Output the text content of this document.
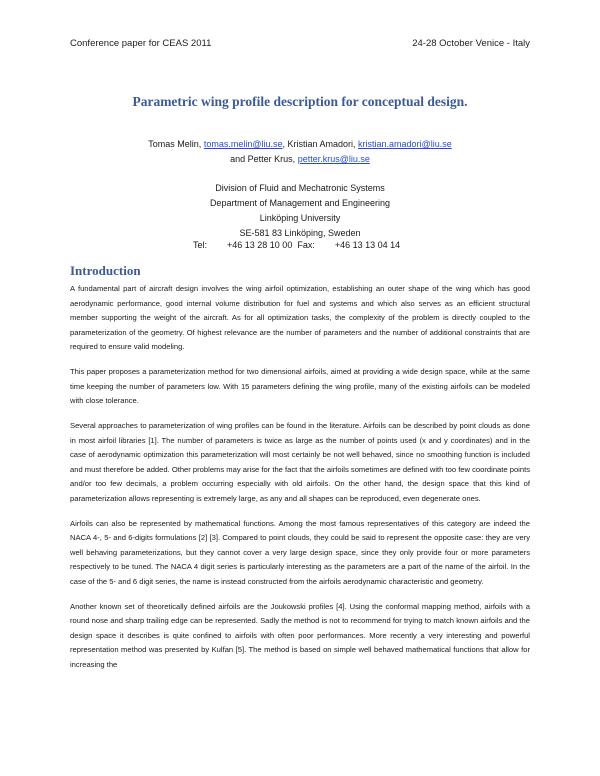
Conference paper for CEAS 2011	24-28 October Venice - Italy
Parametric wing profile description for conceptual design.
Tomas Melin, tomas.melin@liu.se, Kristian Amadori, kristian.amadori@liu.se
and Petter Krus, petter.krus@liu.se
Division of Fluid and Mechatronic Systems
Department of Management and Engineering
Linköping University
SE-581 83 Linköping, Sweden
Tel:        +46 13 28 10 00  Fax:        +46 13 13 04 14
Introduction

A fundamental part of aircraft design involves the wing airfoil optimization, establishing an outer shape of the wing which has good aerodynamic performance, good internal volume distribution for fuel and systems and which also serves as an efficient structural member supporting the weight of the aircraft. As for all optimization tasks, the complexity of the problem is directly coupled to the parameterization of the geometry. Of highest relevance are the number of parameters and the number of additional constraints that are required to ensure valid modeling.

This paper proposes a parameterization method for two dimensional airfoils, aimed at providing a wide design space, while at the same time keeping the number of parameters low. With 15 parameters defining the wing profile, many of the existing airfoils can be modeled with close tolerance.

Several approaches to parameterization of wing profiles can be found in the literature. Airfoils can be described by point clouds as done in most airfoil libraries [1]. The number of parameters is twice as large as the number of points used (x and y coordinates) and in the case of aerodynamic optimization this parameterization will most certainly be not well behaved, since no smoothing function is included and must therefore be added. Other problems may arise for the fact that the airfoils sometimes are defined with too few coordinate points and/or too few decimals, a problem occurring especially with old airfoils. On the other hand, the design space that this kind of parameterization allows representing is extremely large, as any and all shapes can be reproduced, even degenerate ones.

Airfoils can also be represented by mathematical functions. Among the most famous representatives of this category are indeed the NACA 4-, 5- and 6-digits formulations [2] [3]. Compared to point clouds, they could be said to represent the opposite case: they are very well behaving parameterizations, but they cannot cover a very large design space, since they only provide four or more parameters respectively to be tuned. The NACA 4 digit series is particularly interesting as the parameters are a part of the name of the airfoil. In the case of the 5- and 6 digit series, the name is instead constructed from the airfoils aerodynamic characteristic and geometry.

Another known set of theoretically defined airfoils are the Joukowski profiles [4]. Using the conformal mapping method, airfoils with a round nose and sharp trailing edge can be represented. Sadly the method is not to recommend for trying to match known airfoils and the design space it describes is quite confined to airfoils with often poor performances. More recently a very interesting and powerful representation method was presented by Kulfan [5]. The method is based on simple well behaved mathematical functions that allow for increasing the
